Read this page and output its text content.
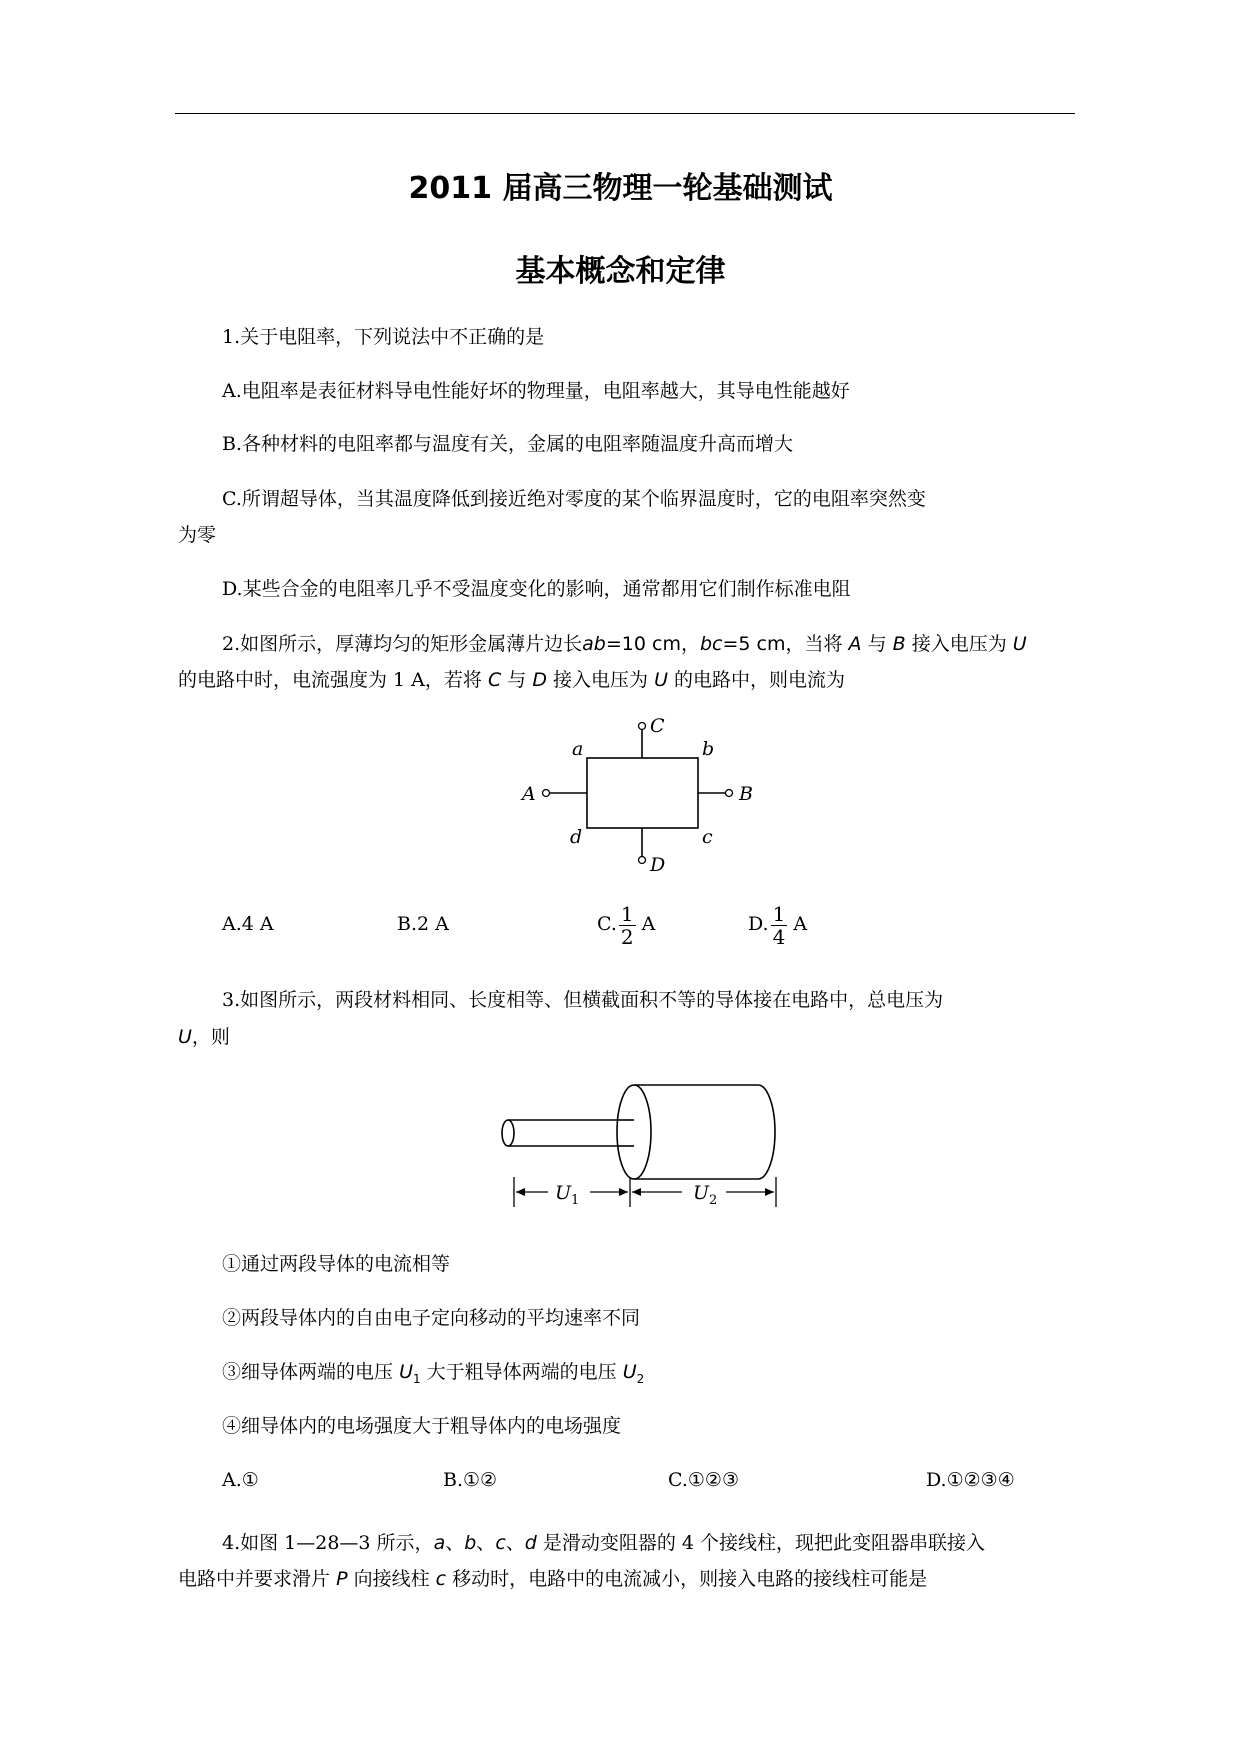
2011 届高三物理一轮基础测试
基本概念和定律
1.关于电阻率，下列说法中不正确的是
A.电阻率是表征材料导电性能好坏的物理量，电阻率越大，其导电性能越好
B.各种材料的电阻率都与温度有关，金属的电阻率随温度升高而增大
C.所谓超导体，当其温度降低到接近绝对零度的某个临界温度时，它的电阻率突然变
为零
D.某些合金的电阻率几乎不受温度变化的影响，通常都用它们制作标准电阻
2.如图所示，厚薄均匀的矩形金属薄片边长ab=10 cm，bc=5 cm，当将 A 与 B 接入电压为 U
的电路中时，电流强度为 1 A，若将 C 与 D 接入电压为 U 的电路中，则电流为
a	b
d	c
A	B
C
D
A.4 A	B.2 A	C. $\frac{1}{2}$ A	D. $\frac{1}{4}$ A
3.如图所示，两段材料相同、长度相等、但横截面积不等的导体接在电路中，总电压为
U，则
$U_1$	$U_2$
①通过两段导体的电流相等
②两段导体内的自由电子定向移动的平均速率不同
③细导体两端的电压 $U_1$ 大于粗导体两端的电压 $U_2$
④细导体内的电场强度大于粗导体内的电场强度
A.①	B.①②	C.①②③	D.①②③④
4.如图 1—28—3 所示，a、b、c、d 是滑动变阻器的 4 个接线柱，现把此变阻器串联接入
电路中并要求滑片 P 向接线柱 c 移动时，电路中的电流减小，则接入电路的接线柱可能是
